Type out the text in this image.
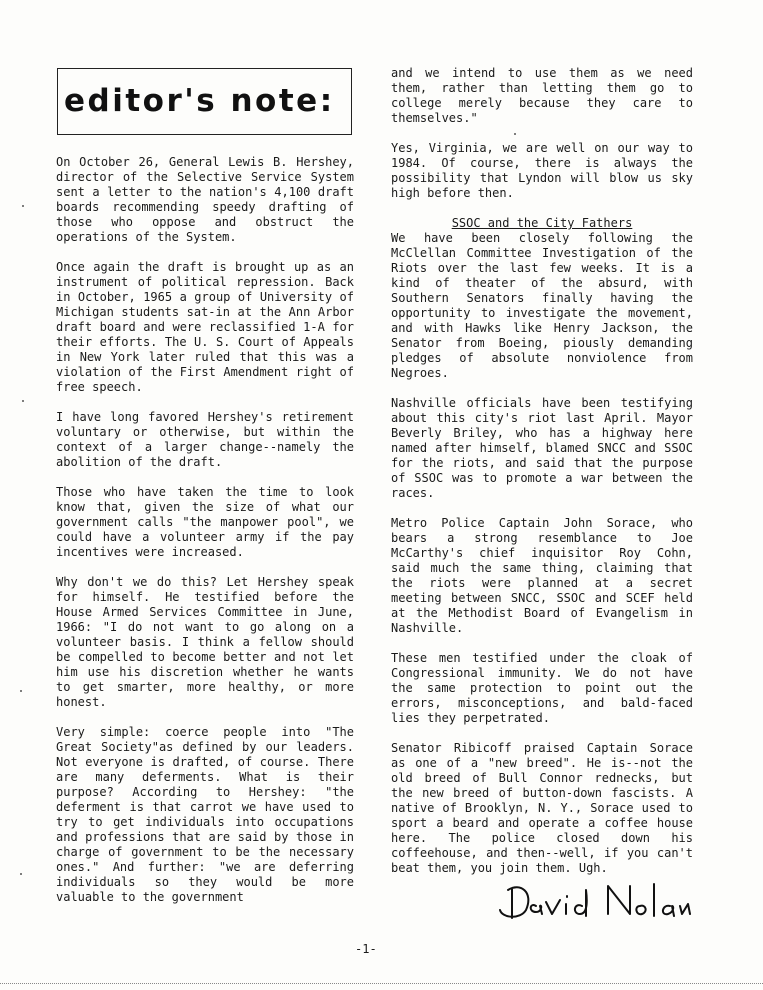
editor's note:

On October 26, General Lewis B. Hershey, director of the Selective Service System sent a letter to the nation's 4,100 draft boards recommending speedy drafting of those who oppose and obstruct the operations of the System.

Once again the draft is brought up as an instrument of political repression. Back in October, 1965 a group of University of Michigan students sat-in at the Ann Arbor draft board and were reclassified 1-A for their efforts. The U. S. Court of Appeals in New York later ruled that this was a violation of the First Amendment right of free speech.

I have long favored Hershey's retirement voluntary or otherwise, but within the context of a larger change--namely the abolition of the draft.

Those who have taken the time to look know that, given the size of what our government calls "the manpower pool", we could have a volunteer army if the pay incentives were increased.

Why don't we do this? Let Hershey speak for himself. He testified before the House Armed Services Committee in June, 1966: "I do not want to go along on a volunteer basis. I think a fellow should be compelled to become better and not let him use his discretion whether he wants to get smarter, more healthy, or more honest.

Very simple: coerce people into "The Great Society"as defined by our leaders. Not everyone is drafted, of course. There are many deferments. What is their purpose? According to Hershey: "the deferment is that carrot we have used to try to get individuals into occupations and professions that are said by those in charge of government to be the necessary ones." And further: "we are deferring individuals so they would be more valuable to the government

and we intend to use them as we need them, rather than letting them go to college merely because they care to themselves."

Yes, Virginia, we are well on our way to 1984. Of course, there is always the possibility that Lyndon will blow us sky high before then.

SSOC and the City Fathers

We have been closely following the McClellan Committee Investigation of the Riots over the last few weeks. It is a kind of theater of the absurd, with Southern Senators finally having the opportunity to investigate the movement, and with Hawks like Henry Jackson, the Senator from Boeing, piously demanding pledges of absolute nonviolence from Negroes.

Nashville officials have been testifying about this city's riot last April. Mayor Beverly Briley, who has a highway here named after himself, blamed SNCC and SSOC for the riots, and said that the purpose of SSOC was to promote a war between the races.

Metro Police Captain John Sorace, who bears a strong resemblance to Joe McCarthy's chief inquisitor Roy Cohn, said much the same thing, claiming that the riots were planned at a secret meeting between SNCC, SSOC and SCEF held at the Methodist Board of Evangelism in Nashville.

These men testified under the cloak of Congressional immunity. We do not have the same protection to point out the errors, misconceptions, and bald-faced lies they perpetrated.

Senator Ribicoff praised Captain Sorace as one of a "new breed". He is--not the old breed of Bull Connor rednecks, but the new breed of button-down fascists. A native of Brooklyn, N. Y., Sorace used to sport a beard and operate a coffee house here. The police closed down his coffeehouse, and then--well, if you can't beat them, you join them. Ugh.

-1-
